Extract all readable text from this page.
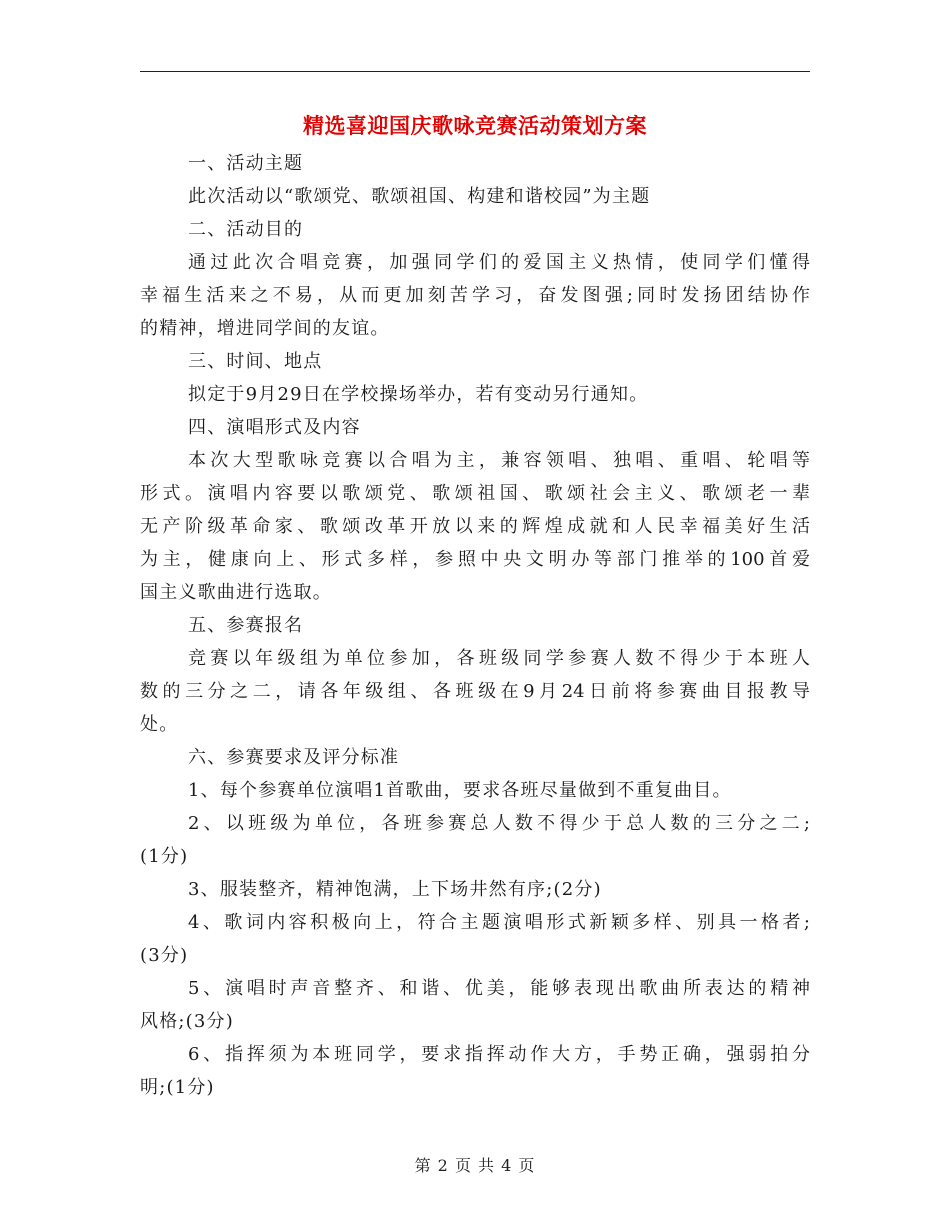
精选喜迎国庆歌咏竞赛活动策划方案
一、活动主题
此次活动以“歌颂党、歌颂祖国、构建和谐校园”为主题
二、活动目的
通过此次合唱竞赛，加强同学们的爱国主义热情，使同学们懂得
幸福生活来之不易，从而更加刻苦学习，奋发图强;同时发扬团结协作
的精神，增进同学间的友谊。
三、时间、地点
拟定于9月29日在学校操场举办，若有变动另行通知。
四、演唱形式及内容
本次大型歌咏竞赛以合唱为主，兼容领唱、独唱、重唱、轮唱等
形式。演唱内容要以歌颂党、歌颂祖国、歌颂社会主义、歌颂老一辈
无产阶级革命家、歌颂改革开放以来的辉煌成就和人民幸福美好生活
为主，健康向上、形式多样，参照中央文明办等部门推举的100首爱
国主义歌曲进行选取。
五、参赛报名
竞赛以年级组为单位参加，各班级同学参赛人数不得少于本班人
数的三分之二，请各年级组、各班级在9月24日前将参赛曲目报教导
处。
六、参赛要求及评分标准
1、每个参赛单位演唱1首歌曲，要求各班尽量做到不重复曲目。
2、以班级为单位，各班参赛总人数不得少于总人数的三分之二;
(1分)
3、服装整齐，精神饱满，上下场井然有序;(2分)
4、歌词内容积极向上，符合主题演唱形式新颖多样、别具一格者;
(3分)
5、演唱时声音整齐、和谐、优美，能够表现出歌曲所表达的精神
风格;(3分)
6、指挥须为本班同学，要求指挥动作大方，手势正确，强弱拍分
明;(1分)
第 2 页 共 4 页
